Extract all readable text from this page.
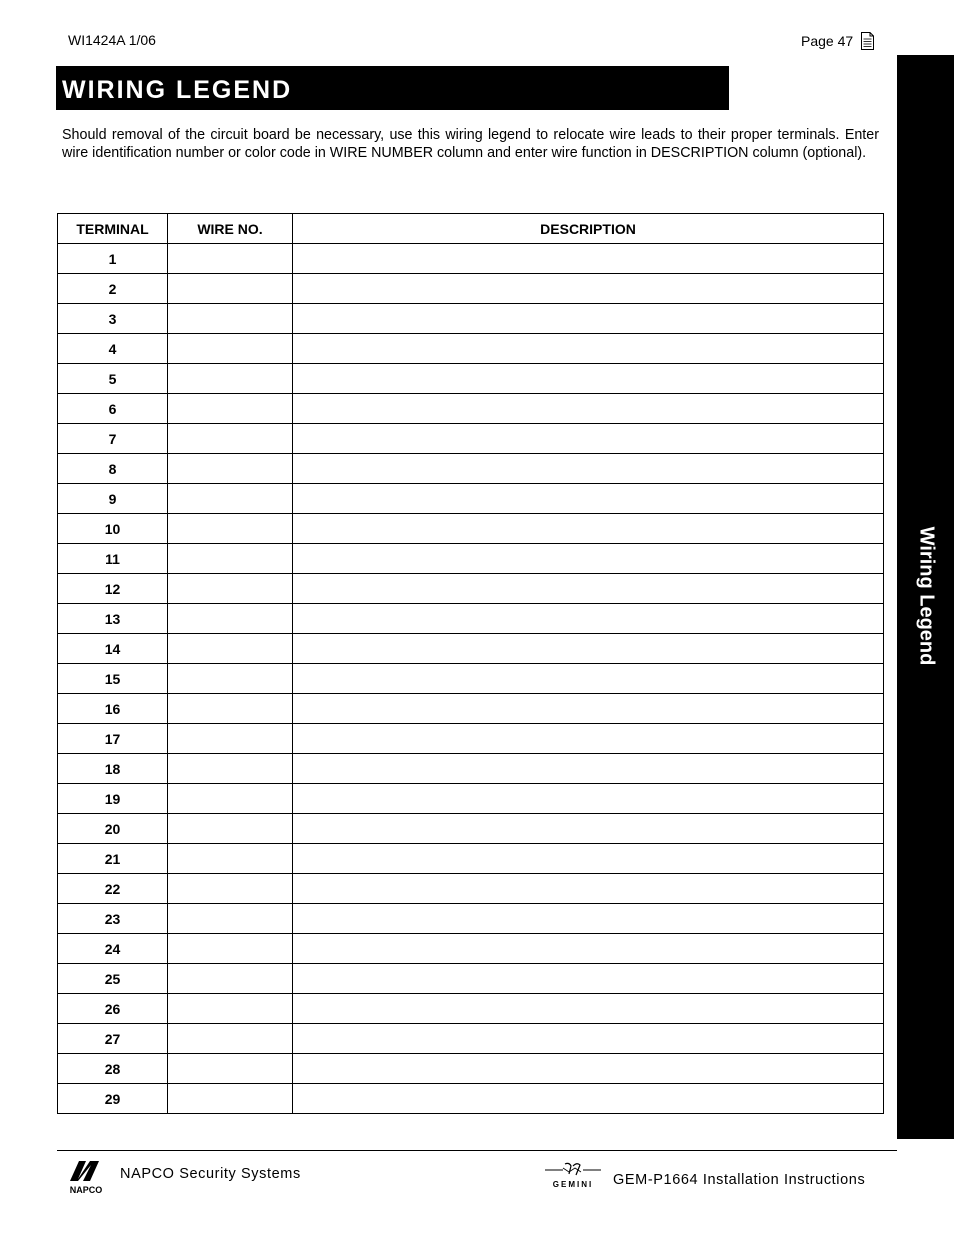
WI1424A 1/06	Page 47
WIRING LEGEND
Wiring Legend

Should removal of the circuit board be necessary, use this wiring legend to relocate wire leads to their proper terminals. Enter wire identification number or color code in WIRE NUMBER column and enter wire function in DESCRIPTION column (optional).

TERMINAL	WIRE NO.	DESCRIPTION
1		
2		
3		
4		
5		
6		
7		
8		
9		
10		
11		
12		
13		
14		
15		
16		
17		
18		
19		
20		
21		
22		
23		
24		
25		
26		
27		
28		
29		
NAPCO
NAPCO Security Systems
GEMINI GEM-P1664 Installation Instructions
